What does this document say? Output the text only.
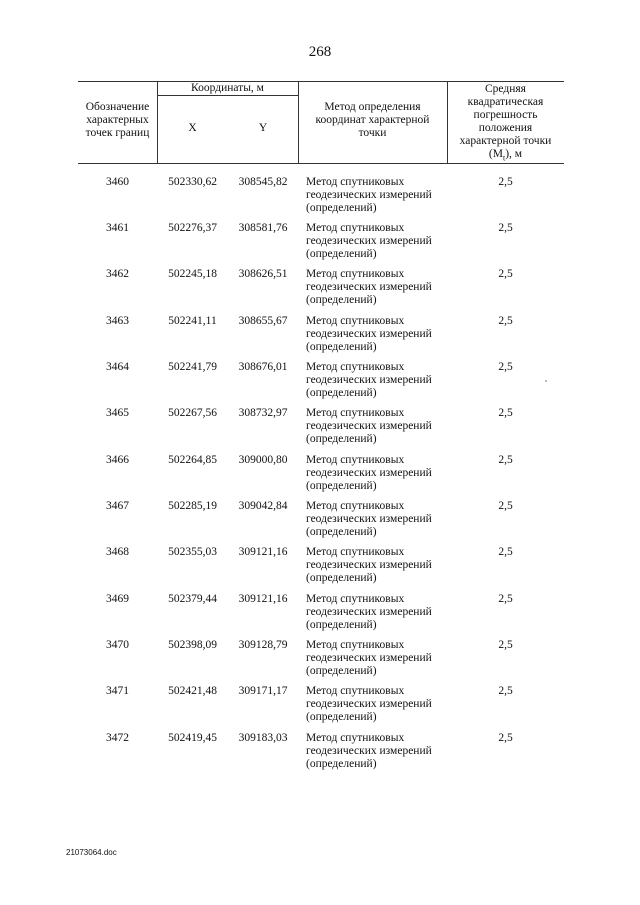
268
Обозначение
характерных
точек границ
Координаты, м
X	Y
Метод определения
координат характерной
точки
Средняя
квадратическая
погрешность
положения
характерной точки
$(M_t)$, м
3460	502330,62	308545,82	Метод спутниковых
геодезических измерений
(определений)
2,5
3461	502276,37	308581,76	Метод спутниковых
геодезических измерений
(определений)
2,5
3462	502245,18	308626,51	Метод спутниковых
геодезических измерений
(определений)
2,5
3463	502241,11	308655,67	Метод спутниковых
геодезических измерений
(определений)
2,5
3464	502241,79	308676,01	Метод спутниковых
геодезических измерений
(определений)
2,5
3465	502267,56	308732,97	Метод спутниковых
геодезических измерений
(определений)
2,5
3466	502264,85	309000,80	Метод спутниковых
геодезических измерений
(определений)
2,5
3467	502285,19	309042,84	Метод спутниковых
геодезических измерений
(определений)
2,5
3468	502355,03	309121,16	Метод спутниковых
геодезических измерений
(определений)
2,5
3469	502379,44	309121,16	Метод спутниковых
геодезических измерений
(определений)
2,5
3470	502398,09	309128,79	Метод спутниковых
геодезических измерений
(определений)
2,5
3471	502421,48	309171,17	Метод спутниковых
геодезических измерений
(определений)
2,5
3472	502419,45	309183,03	Метод спутниковых
геодезических измерений
(определений)
2,5
21073064.doc
